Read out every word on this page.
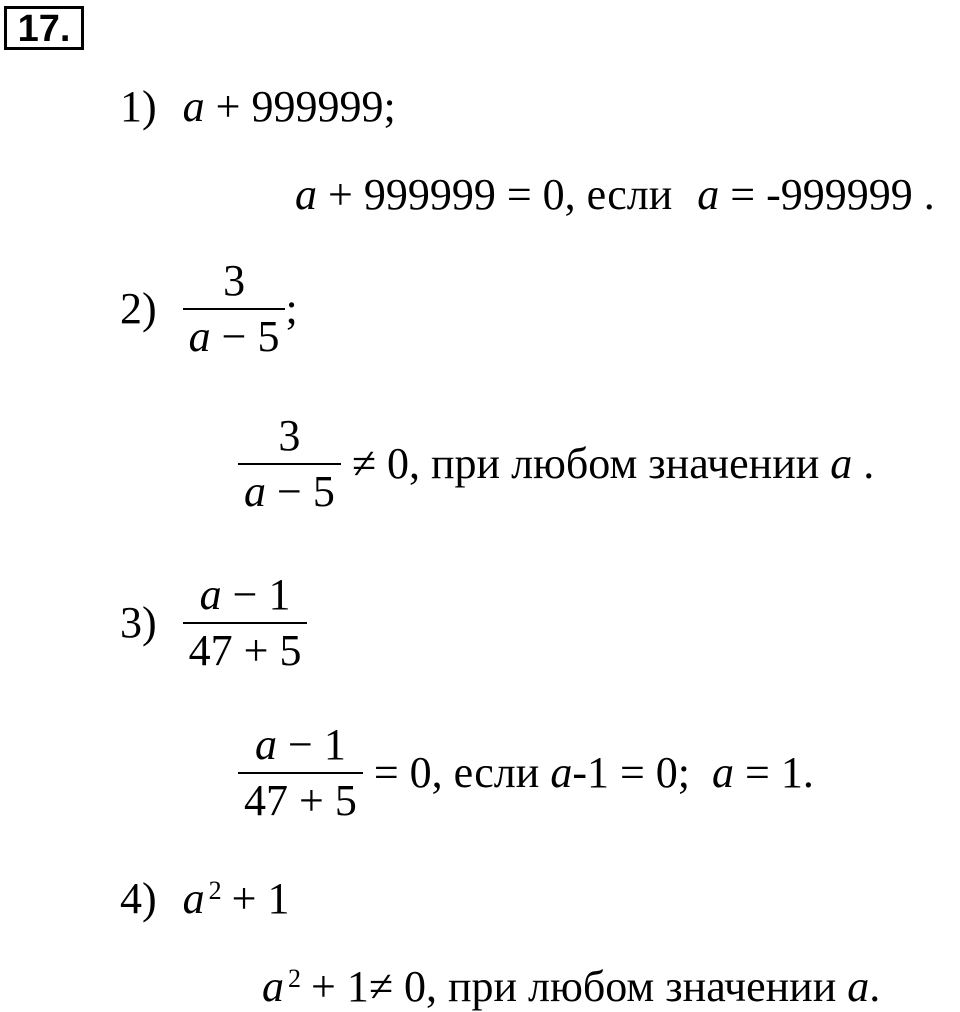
17.
1) a + 999999;
a + 999999 = 0, если a = -999999 .
$2) \frac{3}{a - 5}$ ;
$\frac{3}{a - 5} \ne 0$, при любом значении a .
$3) \frac{a - 1}{47 + 5}$
$\frac{a - 1}{47 + 5} = 0$, если a -1 = 0; a = 1.
4) $a^2 + 1$
$a^2 + 1\ne 0$, при любом значении a .
